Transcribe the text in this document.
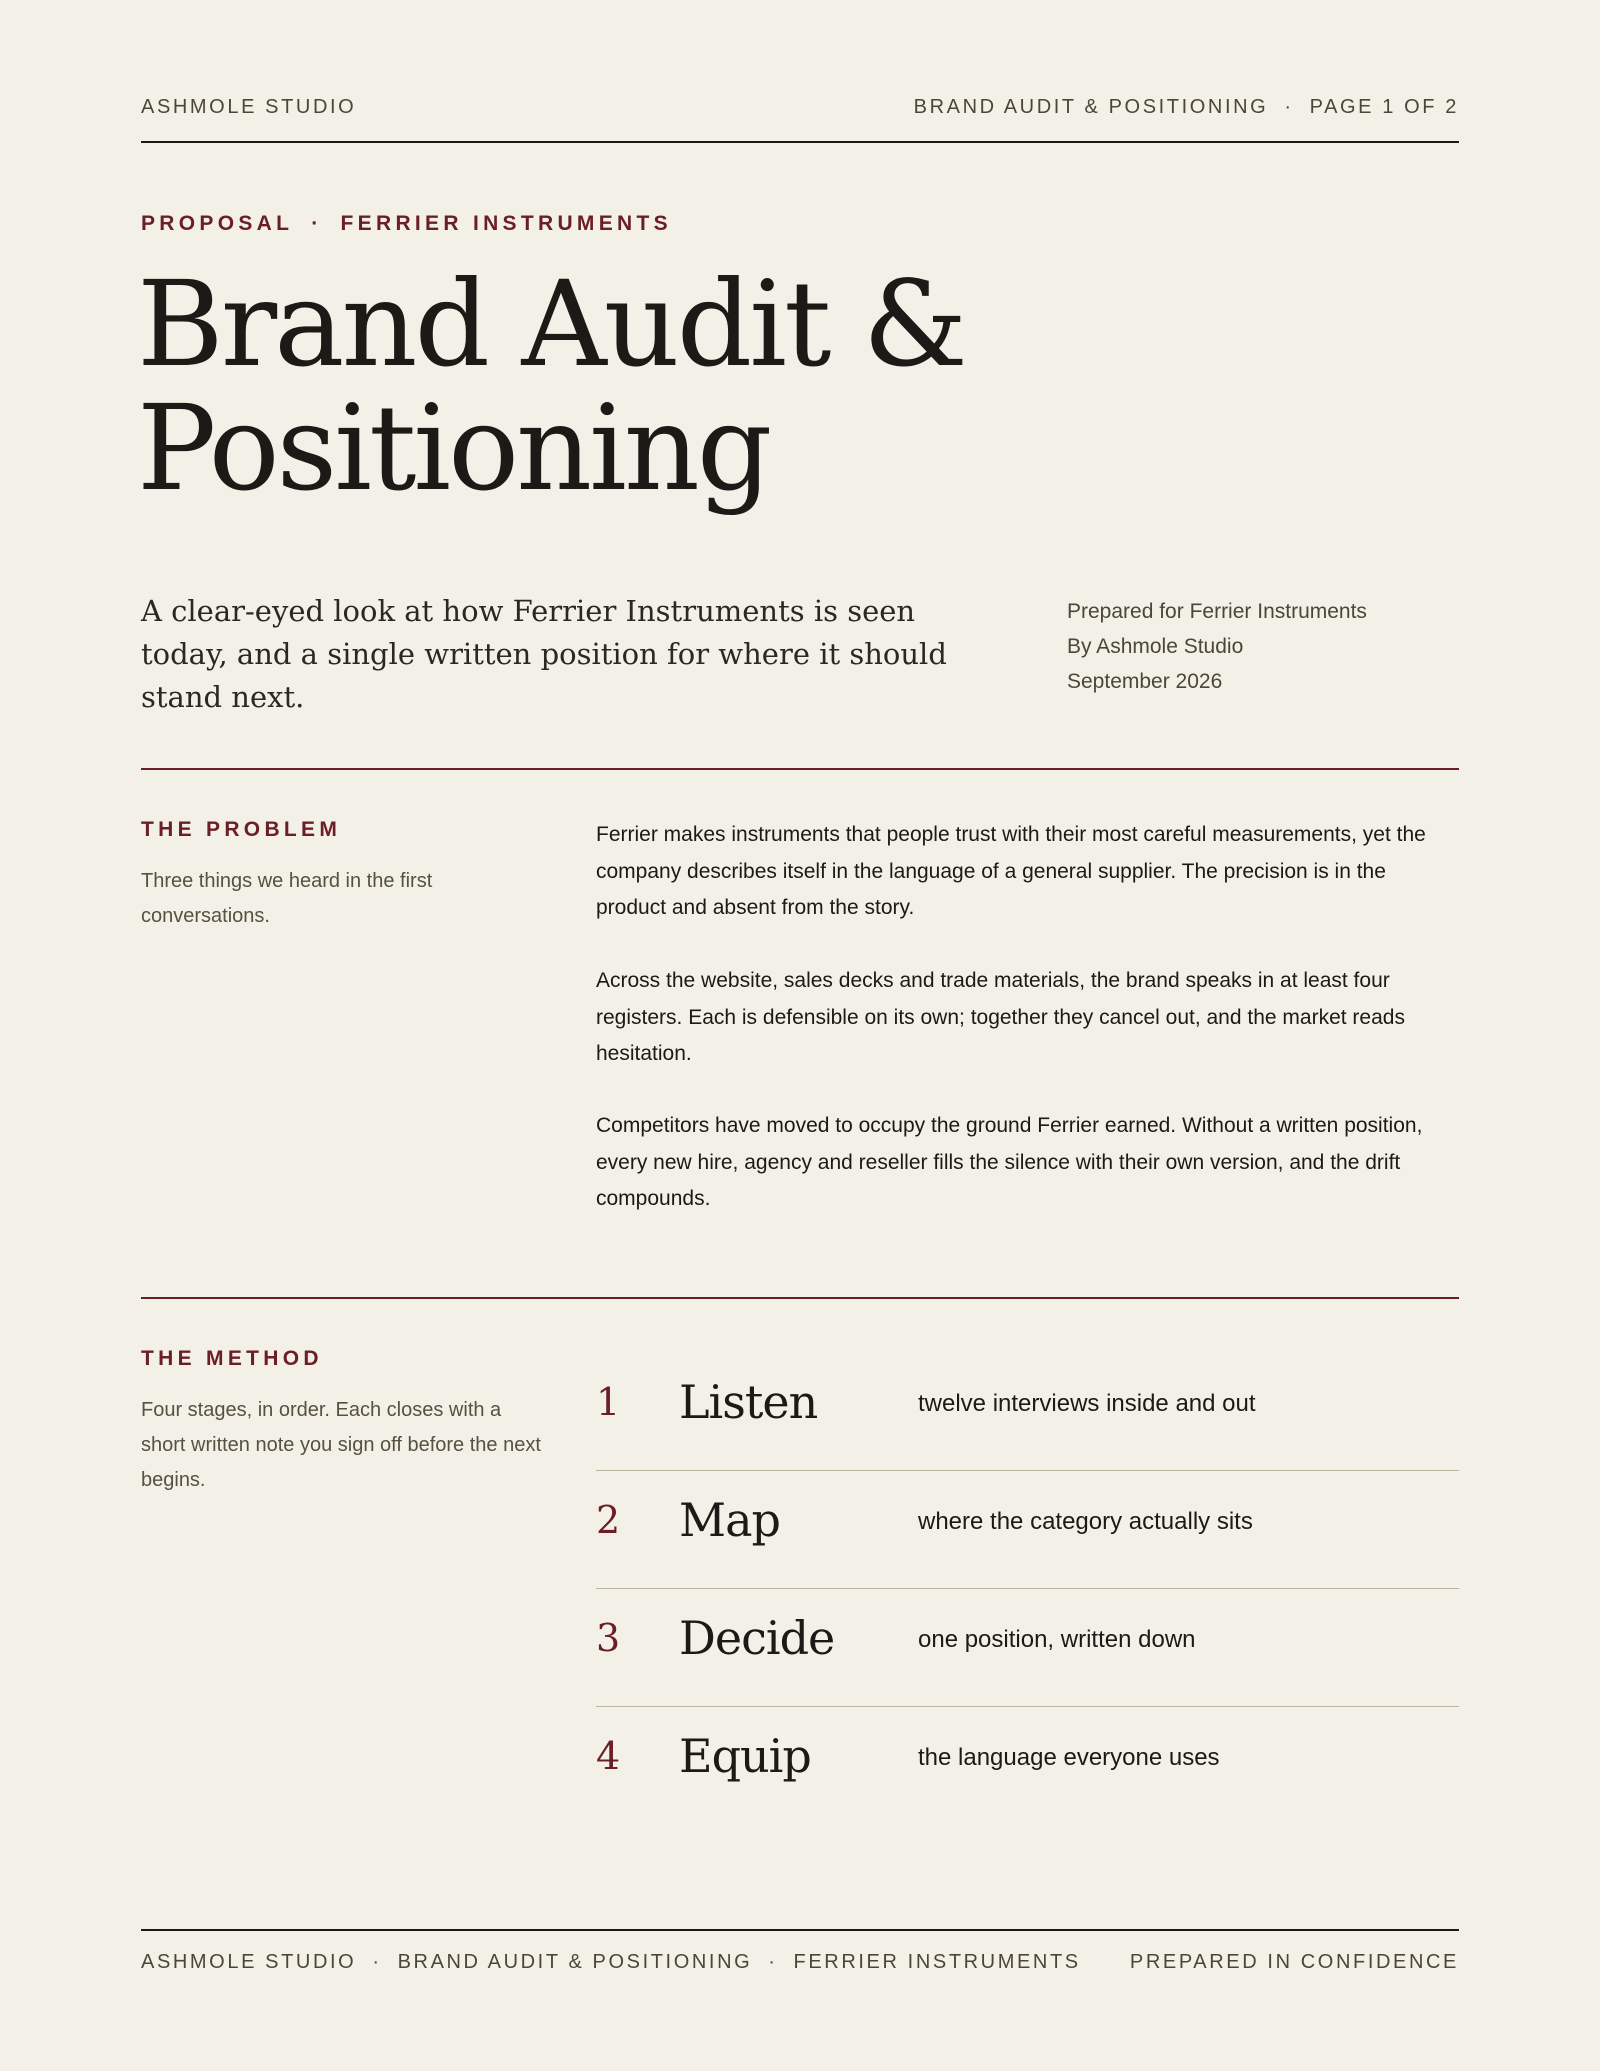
ASHMOLE STUDIO	BRAND AUDIT & POSITIONING · PAGE 1 OF 2
PROPOSAL · FERRIER INSTRUMENTS
Brand Audit &
Positioning

A clear-eyed look at how Ferrier Instruments is seen today, and a single written position for where it should stand next.

Prepared for Ferrier Instruments
By Ashmole Studio
September 2026
THE PROBLEM

Three things we heard in the first conversations.

Ferrier makes instruments that people trust with their most careful measurements, yet the company describes itself in the language of a general supplier. The precision is in the product and absent from the story.

Across the website, sales decks and trade materials, the brand speaks in at least four registers. Each is defensible on its own; together they cancel out, and the market reads hesitation.

Competitors have moved to occupy the ground Ferrier earned. Without a written position, every new hire, agency and reseller fills the silence with their own version, and the drift compounds.

THE METHOD

Four stages, in order. Each closes with a short written note you sign off before the next begins.

1 Listen	twelve interviews inside and out
2 Map	where the category actually sits
3 Decide	one position, written down
4 Equip	the language everyone uses
ASHMOLE STUDIO · BRAND AUDIT & POSITIONING · FERRIER INSTRUMENTS PREPARED IN CONFIDENCE
